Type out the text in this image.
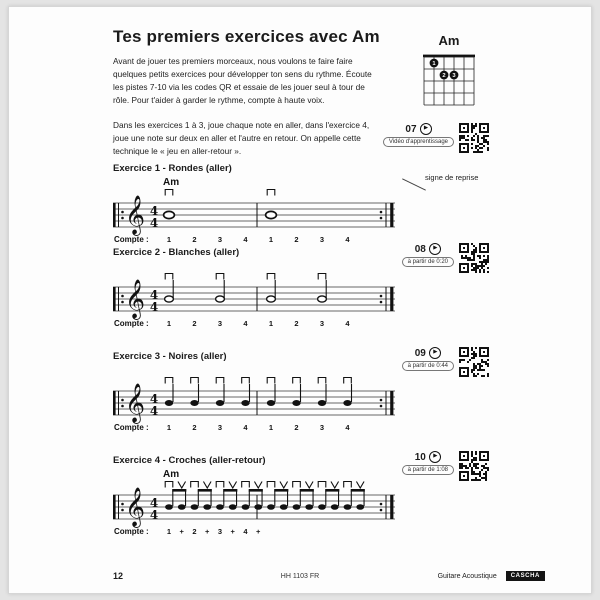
Tes premiers exercices avec Am
Avant de jouer tes premiers morceaux, nous voulons te faire faire quelques petits exercices pour développer ton sens du rythme. Écoute les pistes 7-10 via les codes QR et essaie de les jouer seul à tour de rôle. Pour t'aider à garder le rythme, compte à haute voix.
Dans les exercices 1 à 3, joue chaque note en aller, dans l'exercice 4, joue une note sur deux en aller et l'autre en retour. On appelle cette technique le « jeu en aller-retour ».
Am
1
2 3
07	▶
Vidéo d'apprentissage
signe de reprise
Exercice 1 - Rondes (aller)
𝄞 4
4
Am
Compte : 1	2	3	4	1	2	3	4
Exercice 2 - Blanches (aller)
𝄞 4
4
Compte : 1	2	3	4	1	2	3	4
08	▶
à partir de 0:20
Exercice 3 - Noires (aller)
𝄞 4
4
Compte : 1	2	3	4	1	2	3	4
09	▶
à partir de 0:44
Exercice 4 - Croches (aller-retour)
𝄞 4
4
Am
Compte : 1 + 2 + 3 + 4 +
10	▶
à partir de 1:08
12	HH 1103 FR	Guitare Acoustique	CASCHA
